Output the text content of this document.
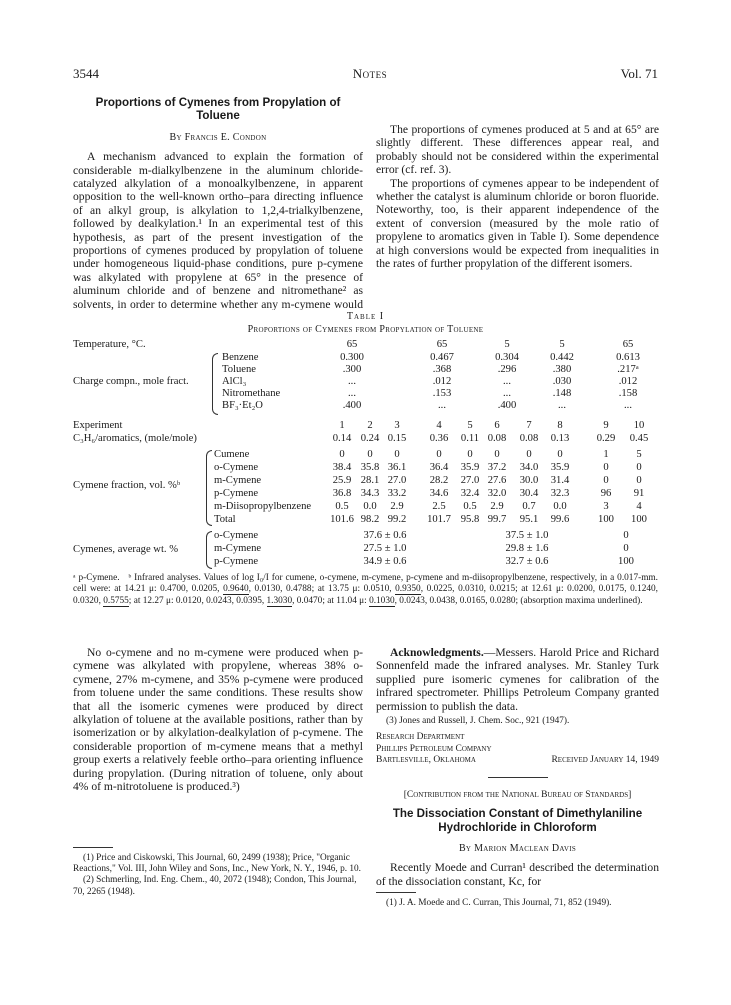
3544	Notes	Vol. 71
Proportions of Cymenes from Propylation of Toluene
By Francis E. Condon

A mechanism advanced to explain the formation of considerable m-dialkylbenzene in the aluminum chloride-catalyzed alkylation of a monoalkylbenzene, in apparent opposition to the well-known ortho–para directing influence of an alkyl group, is alkylation to 1,2,4-trialkylbenzene, followed by dealkylation.¹ In an experimental test of this hypothesis, as part of the present investigation of the proportions of cymenes produced by propylation of toluene under homogeneous liquid-phase conditions, pure p-cymene was alkylated with propylene at 65° in the presence of aluminum chloride and of benzene and nitromethane² as solvents, in order to determine whether any m-cymene would

The proportions of cymenes produced at 5 and at 65° are slightly different. These differences appear real, and probably should not be considered within the experimental error (cf. ref. 3).

The proportions of cymenes appear to be independent of whether the catalyst is aluminum chloride or boron fluoride. Noteworthy, too, is their apparent independence of the extent of conversion (measured by the mole ratio of propylene to aromatics given in Table I). Some dependence at high conversions would be expected from inequalities in the rates of further propylation of the different isomers.

Table I
Proportions of Cymenes from Propylation of Toluene
Temperature, °C.	65	65	5	5	65
Charge compn., mole fract.
Benzene	0.300	0.467	0.304	0.442	0.613
Toluene	.300	.368	.296	.380	.217ᵃ
AlCl₃	...	.012	...	.030	.012
Nitromethane	...	.153	...	.148	.158
BF₃·Et₂O	.400	...	.400	...	...
Experiment	1	2	3	4	5	6	7	8	9	10
C₃H₆/aromatics, (mole/mole)	0.14 0.24 0.15	0.36	0.11 0.08	0.08	0.13	0.29	0.45
Cymene fraction, vol. %ᵇ
Cumene	0	0	0	0	0	0	0	0	1	5
o-Cymene	38.4 35.8 36.1	36.4	35.9 37.2	34.0	35.9	0	0
m-Cymene	25.9 28.1 27.0	28.2	27.0 27.6	30.0	31.4	0	0
p-Cymene	36.8 34.3 33.2	34.6	32.4 32.0	30.4	32.3	96	91
m-Diisopropylbenzene	0.5	0.0	2.9	2.5	0.5	2.9	0.7	0.0	3	4
Total	101.6 98.2 99.2	101.7 95.8 99.7	95.1	99.6	100	100
Cymenes, average wt. %
o-Cymene	37.6 ± 0.6	37.5 ± 1.0	0
m-Cymene	27.5 ± 1.0	29.8 ± 1.6	0
p-Cymene	34.9 ± 0.6	32.7 ± 0.6	100
ᵃ p-Cymene. ᵇ Infrared analyses. Values of log I₀/I for cumene, o-cymene, m-cymene, p-cymene and m-diisopropylbenzene, respectively, in a 0.017-mm. cell were: at 14.21 μ: 0.4700, 0.0205, 0.9640, 0.0130, 0.4788; at 13.75 μ: 0.0510, 0.9350, 0.0225, 0.0310, 0.0215; at 12.61 μ: 0.0200, 0.0175, 0.1240, 0.0320, 0.5755; at 12.27 μ: 0.0120, 0.0243, 0.0395, 1.3030, 0.0470; at 11.04 μ: 0.1030, 0.0243, 0.0438, 0.0165, 0.0280; (absorption maxima underlined).

No o-cymene and no m-cymene were produced when p-cymene was alkylated with propylene, whereas 38% o-cymene, 27% m-cymene, and 35% p-cymene were produced from toluene under the same conditions. These results show that all the isomeric cymenes were produced by direct alkylation of toluene at the available positions, rather than by isomerization or by alkylation-dealkylation of p-cymene. The considerable proportion of m-cymene means that a methyl group exerts a relatively feeble ortho–para orienting influence during propylation. (During nitration of toluene, only about 4% of m-nitrotoluene is produced.³)

(1) Price and Ciskowski, This Journal, 60, 2499 (1938); Price, "Organic Reactions," Vol. III, John Wiley and Sons, Inc., New York, N. Y., 1946, p. 10.
(2) Schmerling, Ind. Eng. Chem., 40, 2072 (1948); Condon, This Journal, 70, 2265 (1948).

Acknowledgments.—Messers. Harold Price and Richard Sonnenfeld made the infrared analyses. Mr. Stanley Turk supplied pure isomeric cymenes for calibration of the infrared spectrometer. Phillips Petroleum Company granted permission to publish the data.

(3) Jones and Russell, J. Chem. Soc., 921 (1947).
Research Department
Phillips Petroleum Company
Bartlesville, Oklahoma	Received January 14, 1949
[Contribution from the National Bureau of Standards]
The Dissociation Constant of Dimethylaniline Hydrochloride in Chloroform
By Marion Maclean Davis

Recently Moede and Curran¹ described the determination of the dissociation constant, Kc, for

(1) J. A. Moede and C. Curran, This Journal, 71, 852 (1949).
